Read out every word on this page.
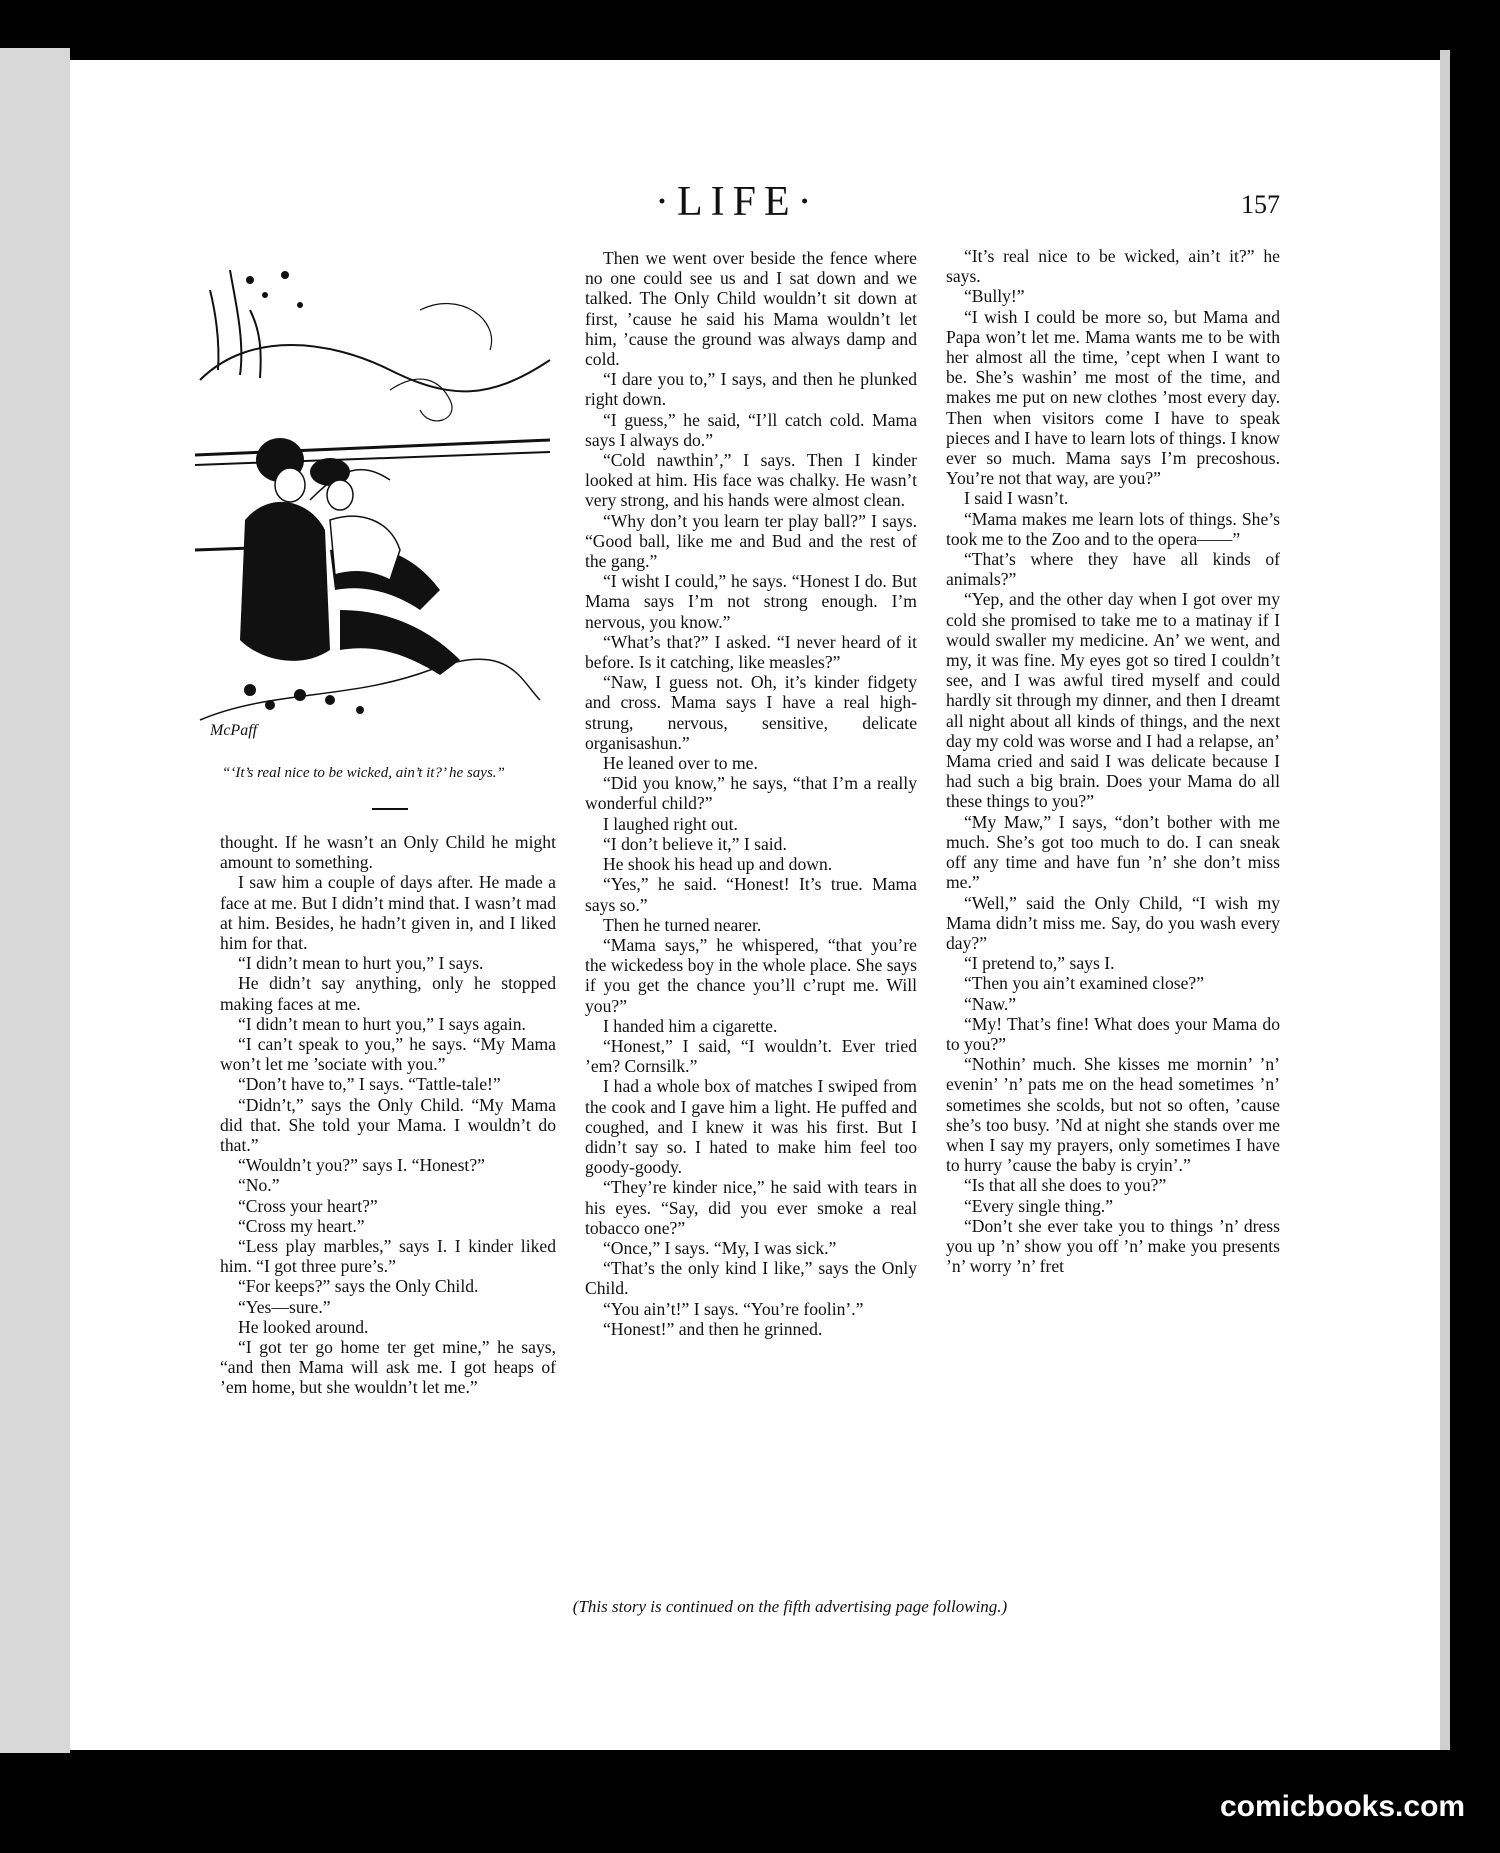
·LIFE·	157
McPaff
“‘It’s real nice to be wicked, ain’t it?’ he says.”

thought. If he wasn’t an Only Child he might amount to something.

I saw him a couple of days after. He made a face at me. But I didn’t mind that. I wasn’t mad at him. Besides, he hadn’t given in, and I liked him for that.

“I didn’t mean to hurt you,” I says.

He didn’t say anything, only he stopped making faces at me.

“I didn’t mean to hurt you,” I says again.

“I can’t speak to you,” he says. “My Mama won’t let me ’sociate with you.”

“Don’t have to,” I says. “Tattle-tale!”

“Didn’t,” says the Only Child. “My Mama did that. She told your Mama. I wouldn’t do that.”

“Wouldn’t you?” says I. “Honest?”

“No.”

“Cross your heart?”

“Cross my heart.”

“Less play marbles,” says I. I kinder liked him. “I got three pure’s.”

“For keeps?” says the Only Child.

“Yes—sure.”

He looked around.

“I got ter go home ter get mine,” he says, “and then Mama will ask me. I got heaps of ’em home, but she wouldn’t let me.”

Then we went over beside the fence where no one could see us and I sat down and we talked. The Only Child wouldn’t sit down at first, ’cause he said his Mama wouldn’t let him, ’cause the ground was always damp and cold.

“I dare you to,” I says, and then he plunked right down.

“I guess,” he said, “I’ll catch cold. Mama says I always do.”

“Cold nawthin’,” I says. Then I kinder looked at him. His face was chalky. He wasn’t very strong, and his hands were almost clean.

“Why don’t you learn ter play ball?” I says. “Good ball, like me and Bud and the rest of the gang.”

“I wisht I could,” he says. “Honest I do. But Mama says I’m not strong enough. I’m nervous, you know.”

“What’s that?” I asked. “I never heard of it before. Is it catching, like measles?”

“Naw, I guess not. Oh, it’s kinder fidgety and cross. Mama says I have a real high-strung, nervous, sensitive, delicate organisashun.”

He leaned over to me.

“Did you know,” he says, “that I’m a really wonderful child?”

I laughed right out.

“I don’t believe it,” I said.

He shook his head up and down.

“Yes,” he said. “Honest! It’s true. Mama says so.”

Then he turned nearer.

“Mama says,” he whispered, “that you’re the wickedess boy in the whole place. She says if you get the chance you’ll c’rupt me. Will you?”

I handed him a cigarette.

“Honest,” I said, “I wouldn’t. Ever tried ’em? Cornsilk.”

I had a whole box of matches I swiped from the cook and I gave him a light. He puffed and coughed, and I knew it was his first. But I didn’t say so. I hated to make him feel too goody-goody.

“They’re kinder nice,” he said with tears in his eyes. “Say, did you ever smoke a real tobacco one?”

“Once,” I says. “My, I was sick.”

“That’s the only kind I like,” says the Only Child.

“You ain’t!” I says. “You’re foolin’.”

“Honest!” and then he grinned.

“It’s real nice to be wicked, ain’t it?” he says.

“Bully!”

“I wish I could be more so, but Mama and Papa won’t let me. Mama wants me to be with her almost all the time, ’cept when I want to be. She’s washin’ me most of the time, and makes me put on new clothes ’most every day. Then when visitors come I have to speak pieces and I have to learn lots of things. I know ever so much. Mama says I’m precoshous. You’re not that way, are you?”

I said I wasn’t.

“Mama makes me learn lots of things. She’s took me to the Zoo and to the opera——”

“That’s where they have all kinds of animals?”

“Yep, and the other day when I got over my cold she promised to take me to a matinay if I would swaller my medicine. An’ we went, and my, it was fine. My eyes got so tired I couldn’t see, and I was awful tired myself and could hardly sit through my dinner, and then I dreamt all night about all kinds of things, and the next day my cold was worse and I had a relapse, an’ Mama cried and said I was delicate because I had such a big brain. Does your Mama do all these things to you?”

“My Maw,” I says, “don’t bother with me much. She’s got too much to do. I can sneak off any time and have fun ’n’ she don’t miss me.”

“Well,” said the Only Child, “I wish my Mama didn’t miss me. Say, do you wash every day?”

“I pretend to,” says I.

“Then you ain’t examined close?”

“Naw.”

“My! That’s fine! What does your Mama do to you?”

“Nothin’ much. She kisses me mornin’ ’n’ evenin’ ’n’ pats me on the head sometimes ’n’ sometimes she scolds, but not so often, ’cause she’s too busy. ’Nd at night she stands over me when I say my prayers, only sometimes I have to hurry ’cause the baby is cryin’.”

“Is that all she does to you?”

“Every single thing.”

“Don’t she ever take you to things ’n’ dress you up ’n’ show you off ’n’ make you presents ’n’ worry ’n’ fret

(This story is continued on the fifth advertising page following.)
comicbooks.com
